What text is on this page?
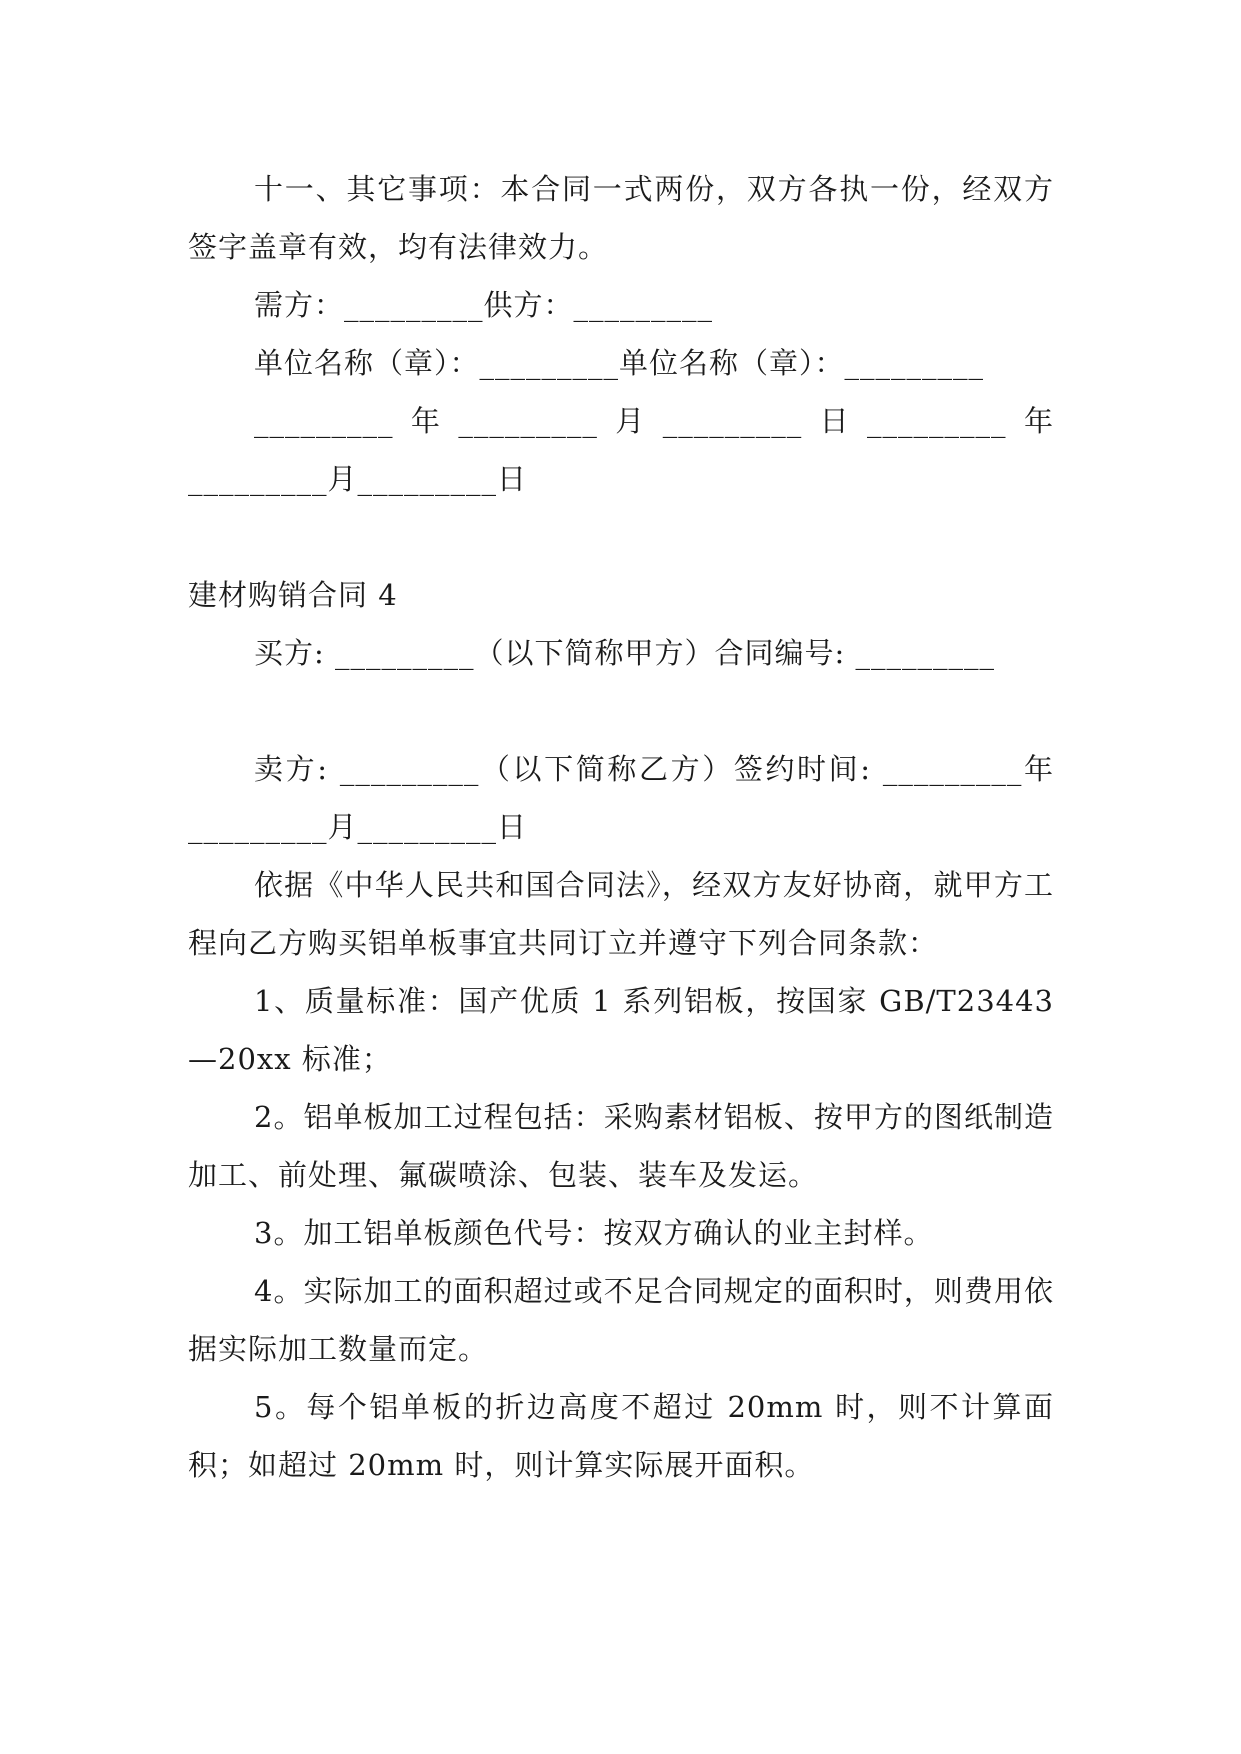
十一、其它事项：本合同一式两份，双方各执一份，经双方签字盖章有效，均有法律效力。

需方：_________供方：_________

单位名称（章）：_________单位名称（章）：_________

_________年_________月_________日_________年_________月_________日

建材购销合同 4

买方: _________（以下简称甲方）合同编号: _________

卖方: _________（以下简称乙方）签约时间: _________年_________月_________日

依据《中华人民共和国合同法》，经双方友好协商，就甲方工程向乙方购买铝单板事宜共同订立并遵守下列合同条款：

1、质量标准：国产优质 1 系列铝板，按国家 GB/T23443—20xx 标准；

2。铝单板加工过程包括：采购素材铝板、按甲方的图纸制造加工、前处理、氟碳喷涂、包装、装车及发运。

3。加工铝单板颜色代号：按双方确认的业主封样。

4。实际加工的面积超过或不足合同规定的面积时，则费用依据实际加工数量而定。

5。每个铝单板的折边高度不超过 20mm 时，则不计算面积；如超过 20mm 时，则计算实际展开面积。
